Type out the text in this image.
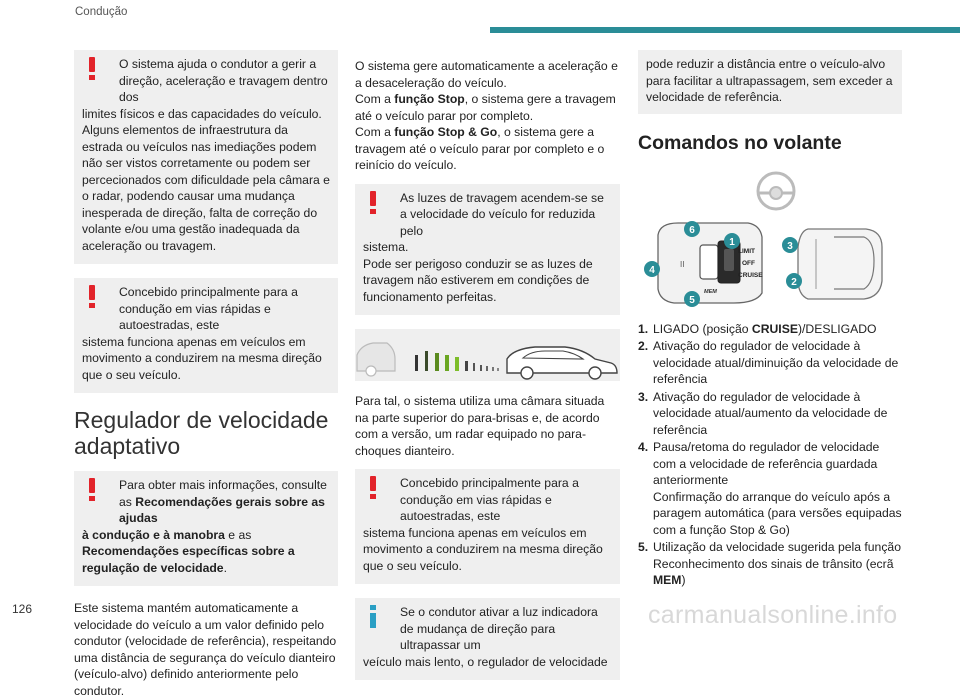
Condução
O sistema ajuda o condutor a gerir a direção, aceleração e travagem dentro dos
limites físicos e das capacidades do veículo. Alguns elementos de infraestrutura da estrada ou veículos nas imediações podem não ser vistos corretamente ou podem ser percecionados com dificuldade pela câmara e o radar, podendo causar uma mudança inesperada de direção, falta de correção do volante e/ou uma gestão inadequada da aceleração ou travagem.
Concebido principalmente para a condução em vias rápidas e autoestradas, este
sistema funciona apenas em veículos em movimento a conduzirem na mesma direção que o seu veículo.
Regulador de velocidade adaptativo
Para obter mais informações, consulte as Recomendações gerais sobre as ajudas
à condução e à manobra e as Recomendações específicas sobre a regulação de velocidade.

Este sistema mantém automaticamente a velocidade do veículo a um valor definido pelo condutor (velocidade de referência), respeitando uma distância de segurança do veículo dianteiro (veículo-alvo) definido anteriormente pelo condutor.

O sistema gere automaticamente a aceleração e a desaceleração do veículo.

Com a função Stop, o sistema gere a travagem até o veículo parar por completo.

Com a função Stop & Go, o sistema gere a travagem até o veículo parar por completo e o reinício do veículo.

As luzes de travagem acendem-se se a velocidade do veículo for reduzida pelo
sistema.
Pode ser perigoso conduzir se as luzes de travagem não estiverem em condições de funcionamento perfeitas.

Para tal, o sistema utiliza uma câmara situada na parte superior do para-brisas e, de acordo com a versão, um radar equipado no para-choques dianteiro.

Concebido principalmente para a condução em vias rápidas e autoestradas, este
sistema funciona apenas em veículos em movimento a conduzirem na mesma direção que o seu veículo.
Se o condutor ativar a luz indicadora de mudança de direção para ultrapassar um
veículo mais lento, o regulador de velocidade
pode reduzir a distância entre o veículo-alvo para facilitar a ultrapassagem, sem exceder a velocidade de referência.
Comandos no volante
LIMIT
OFF
CRUISE
MEM
II
1
2
3
4
5
6
1. LIGADO (posição CRUISE)/DESLIGADO
2. Ativação do regulador de velocidade à velocidade atual/diminuição da velocidade de referência
3. Ativação do regulador de velocidade à velocidade atual/aumento da velocidade de referência
4. Pausa/retoma do regulador de velocidade com a velocidade de referência guardada anteriormente
Confirmação do arranque do veículo após a paragem automática (para versões equipadas com a função Stop & Go)
5. Utilização da velocidade sugerida pela função Reconhecimento dos sinais de trânsito (ecrã MEM)
126	carmanualsonline.info
